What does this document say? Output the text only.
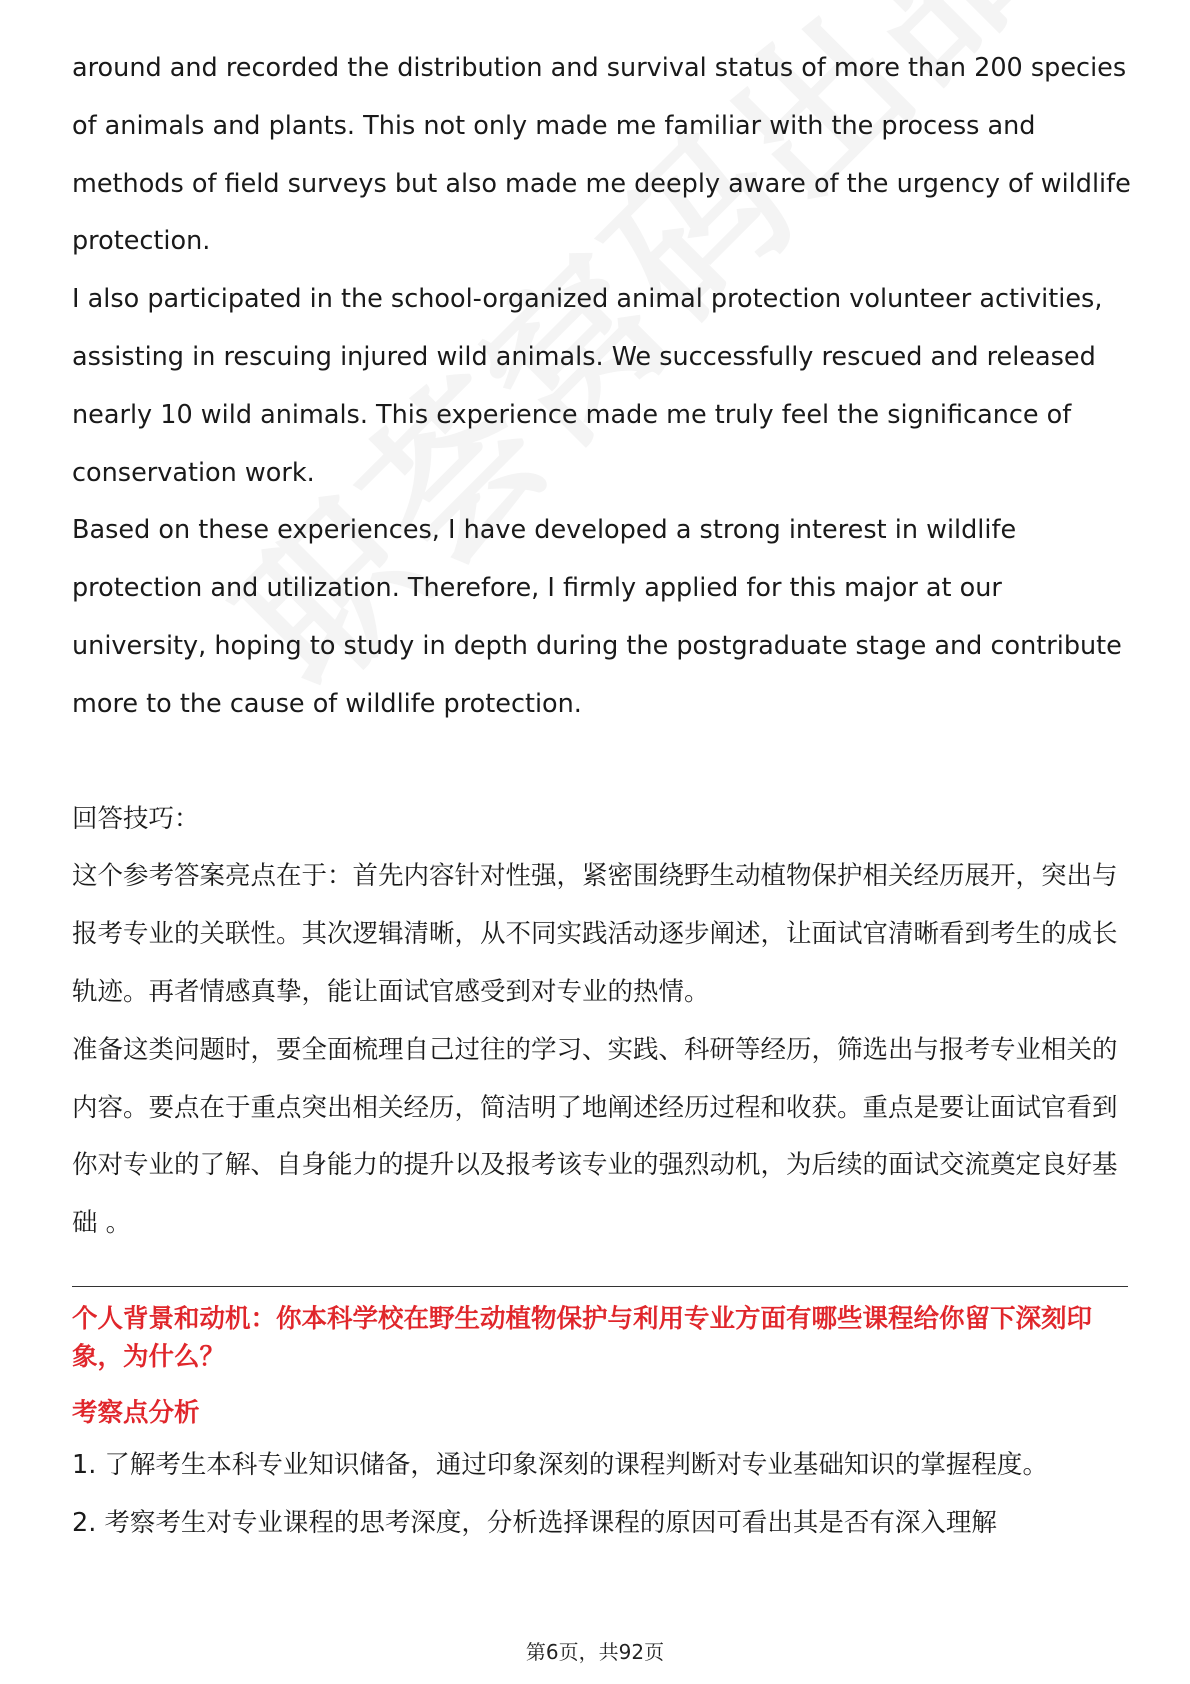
around and recorded the distribution and survival status of more than 200 species of animals and plants. This not only made me familiar with the process and methods of field surveys but also made me deeply aware of the urgency of wildlife protection.

I also participated in the school-organized animal protection volunteer activities, assisting in rescuing injured wild animals. We successfully rescued and released nearly 10 wild animals. This experience made me truly feel the significance of conservation work.

Based on these experiences, I have developed a strong interest in wildlife protection and utilization. Therefore, I firmly applied for this major at our university, hoping to study in depth during the postgraduate stage and contribute more to the cause of wildlife protection.

回答技巧：

这个参考答案亮点在于：首先内容针对性强，紧密围绕野生动植物保护相关经历展开，突出与报考专业的关联性。其次逻辑清晰，从不同实践活动逐步阐述，让面试官清晰看到考生的成长轨迹。再者情感真挚，能让面试官感受到对专业的热情。

准备这类问题时，要全面梳理自己过往的学习、实践、科研等经历，筛选出与报考专业相关的内容。要点在于重点突出相关经历，简洁明了地阐述经历过程和收获。重点是要让面试官看到你对专业的了解、自身能力的提升以及报考该专业的强烈动机，为后续的面试交流奠定良好基础 。

个人背景和动机：你本科学校在野生动植物保护与利用专业方面有哪些课程给你留下深刻印象，为什么？

考察点分析

1. 了解考生本科专业知识储备，通过印象深刻的课程判断对专业基础知识的掌握程度。

2. 考察考生对专业课程的思考深度，分析选择课程的原因可看出其是否有深入理解

第6页，共92页
